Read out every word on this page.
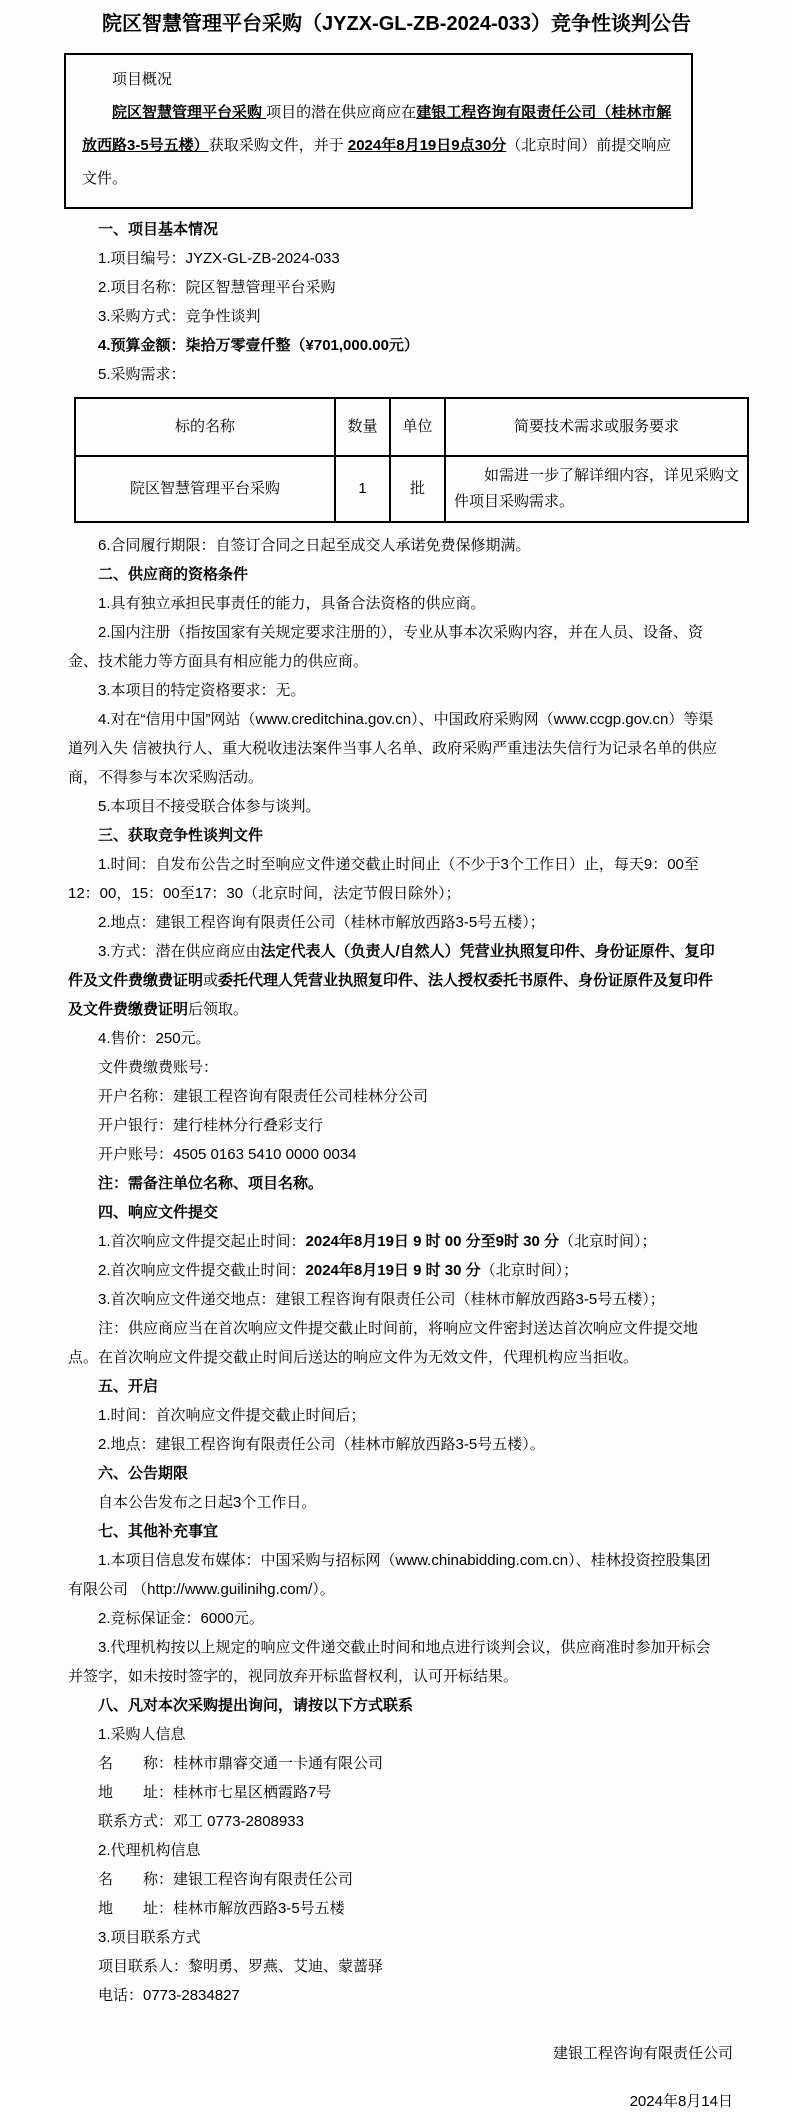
院区智慧管理平台采购（JYZX-GL-ZB-2024-033）竞争性谈判公告

项目概况

院区智慧管理平台采购 项目的潜在供应商应在建银工程咨询有限责任公司（桂林市解放西路3-5号五楼）获取采购文件，并于 2024年8月19日9点30分（北京时间）前提交响应文件。

一、项目基本情况

1.项目编号：JYZX-GL-ZB-2024-033

2.项目名称：院区智慧管理平台采购

3.采购方式：竞争性谈判

4.预算金额：柒拾万零壹仟整（¥701,000.00元）

5.采购需求：

标的名称	数量	单位	简要技术需求或服务要求
院区智慧管理平台采购	1	批	如需进一步了解详细内容，详见采购文件项目采购需求。

6.合同履行期限：自签订合同之日起至成交人承诺免费保修期满。

二、供应商的资格条件

1.具有独立承担民事责任的能力，具备合法资格的供应商。

2.国内注册（指按国家有关规定要求注册的），专业从事本次采购内容，并在人员、设备、资金、技术能力等方面具有相应能力的供应商。

3.本项目的特定资格要求：无。

4.对在“信用中国”网站（www.creditchina.gov.cn）、中国政府采购网（www.ccgp.gov.cn）等渠道列入失 信被执行人、重大税收违法案件当事人名单、政府采购严重违法失信行为记录名单的供应商，不得参与本次采购活动。

5.本项目不接受联合体参与谈判。

三、获取竞争性谈判文件

1.时间：自发布公告之时至响应文件递交截止时间止（不少于3个工作日）止，每天9：00至12：00，15：00至17：30（北京时间，法定节假日除外）；

2.地点：建银工程咨询有限责任公司（桂林市解放西路3-5号五楼）；

3.方式：潜在供应商应由法定代表人（负责人/自然人）凭营业执照复印件、身份证原件、复印件及文件费缴费证明或委托代理人凭营业执照复印件、法人授权委托书原件、身份证原件及复印件及文件费缴费证明后领取。

4.售价：250元。

文件费缴费账号：

开户名称：建银工程咨询有限责任公司桂林分公司

开户银行：建行桂林分行叠彩支行

开户账号：4505 0163 5410 0000 0034

注：需备注单位名称、项目名称。

四、响应文件提交

1.首次响应文件提交起止时间：2024年8月19日 9 时 00 分至9时 30 分（北京时间）；

2.首次响应文件提交截止时间：2024年8月19日 9 时 30 分（北京时间）；

3.首次响应文件递交地点：建银工程咨询有限责任公司（桂林市解放西路3-5号五楼）；

注：供应商应当在首次响应文件提交截止时间前，将响应文件密封送达首次响应文件提交地点。在首次响应文件提交截止时间后送达的响应文件为无效文件，代理机构应当拒收。

五、开启

1.时间：首次响应文件提交截止时间后；

2.地点：建银工程咨询有限责任公司（桂林市解放西路3-5号五楼）。

六、公告期限

自本公告发布之日起3个工作日。

七、其他补充事宜

1.本项目信息发布媒体：中国采购与招标网（www.chinabidding.com.cn）、桂林投资控股集团有限公司 （http://www.guilinihg.com/）。

2.竞标保证金：6000元。

3.代理机构按以上规定的响应文件递交截止时间和地点进行谈判会议，供应商准时参加开标会并签字，如未按时签字的，视同放弃开标监督权利，认可开标结果。

八、凡对本次采购提出询问，请按以下方式联系

1.采购人信息

名　　称：桂林市鼎睿交通一卡通有限公司

地　　址：桂林市七星区栖霞路7号

联系方式：邓工 0773-2808933

2.代理机构信息

名　　称：建银工程咨询有限责任公司

地　　址：桂林市解放西路3-5号五楼

3.项目联系方式

项目联系人：黎明勇、罗燕、艾迪、蒙蔷驿

电话：0773-2834827

建银工程咨询有限责任公司

2024年8月14日
